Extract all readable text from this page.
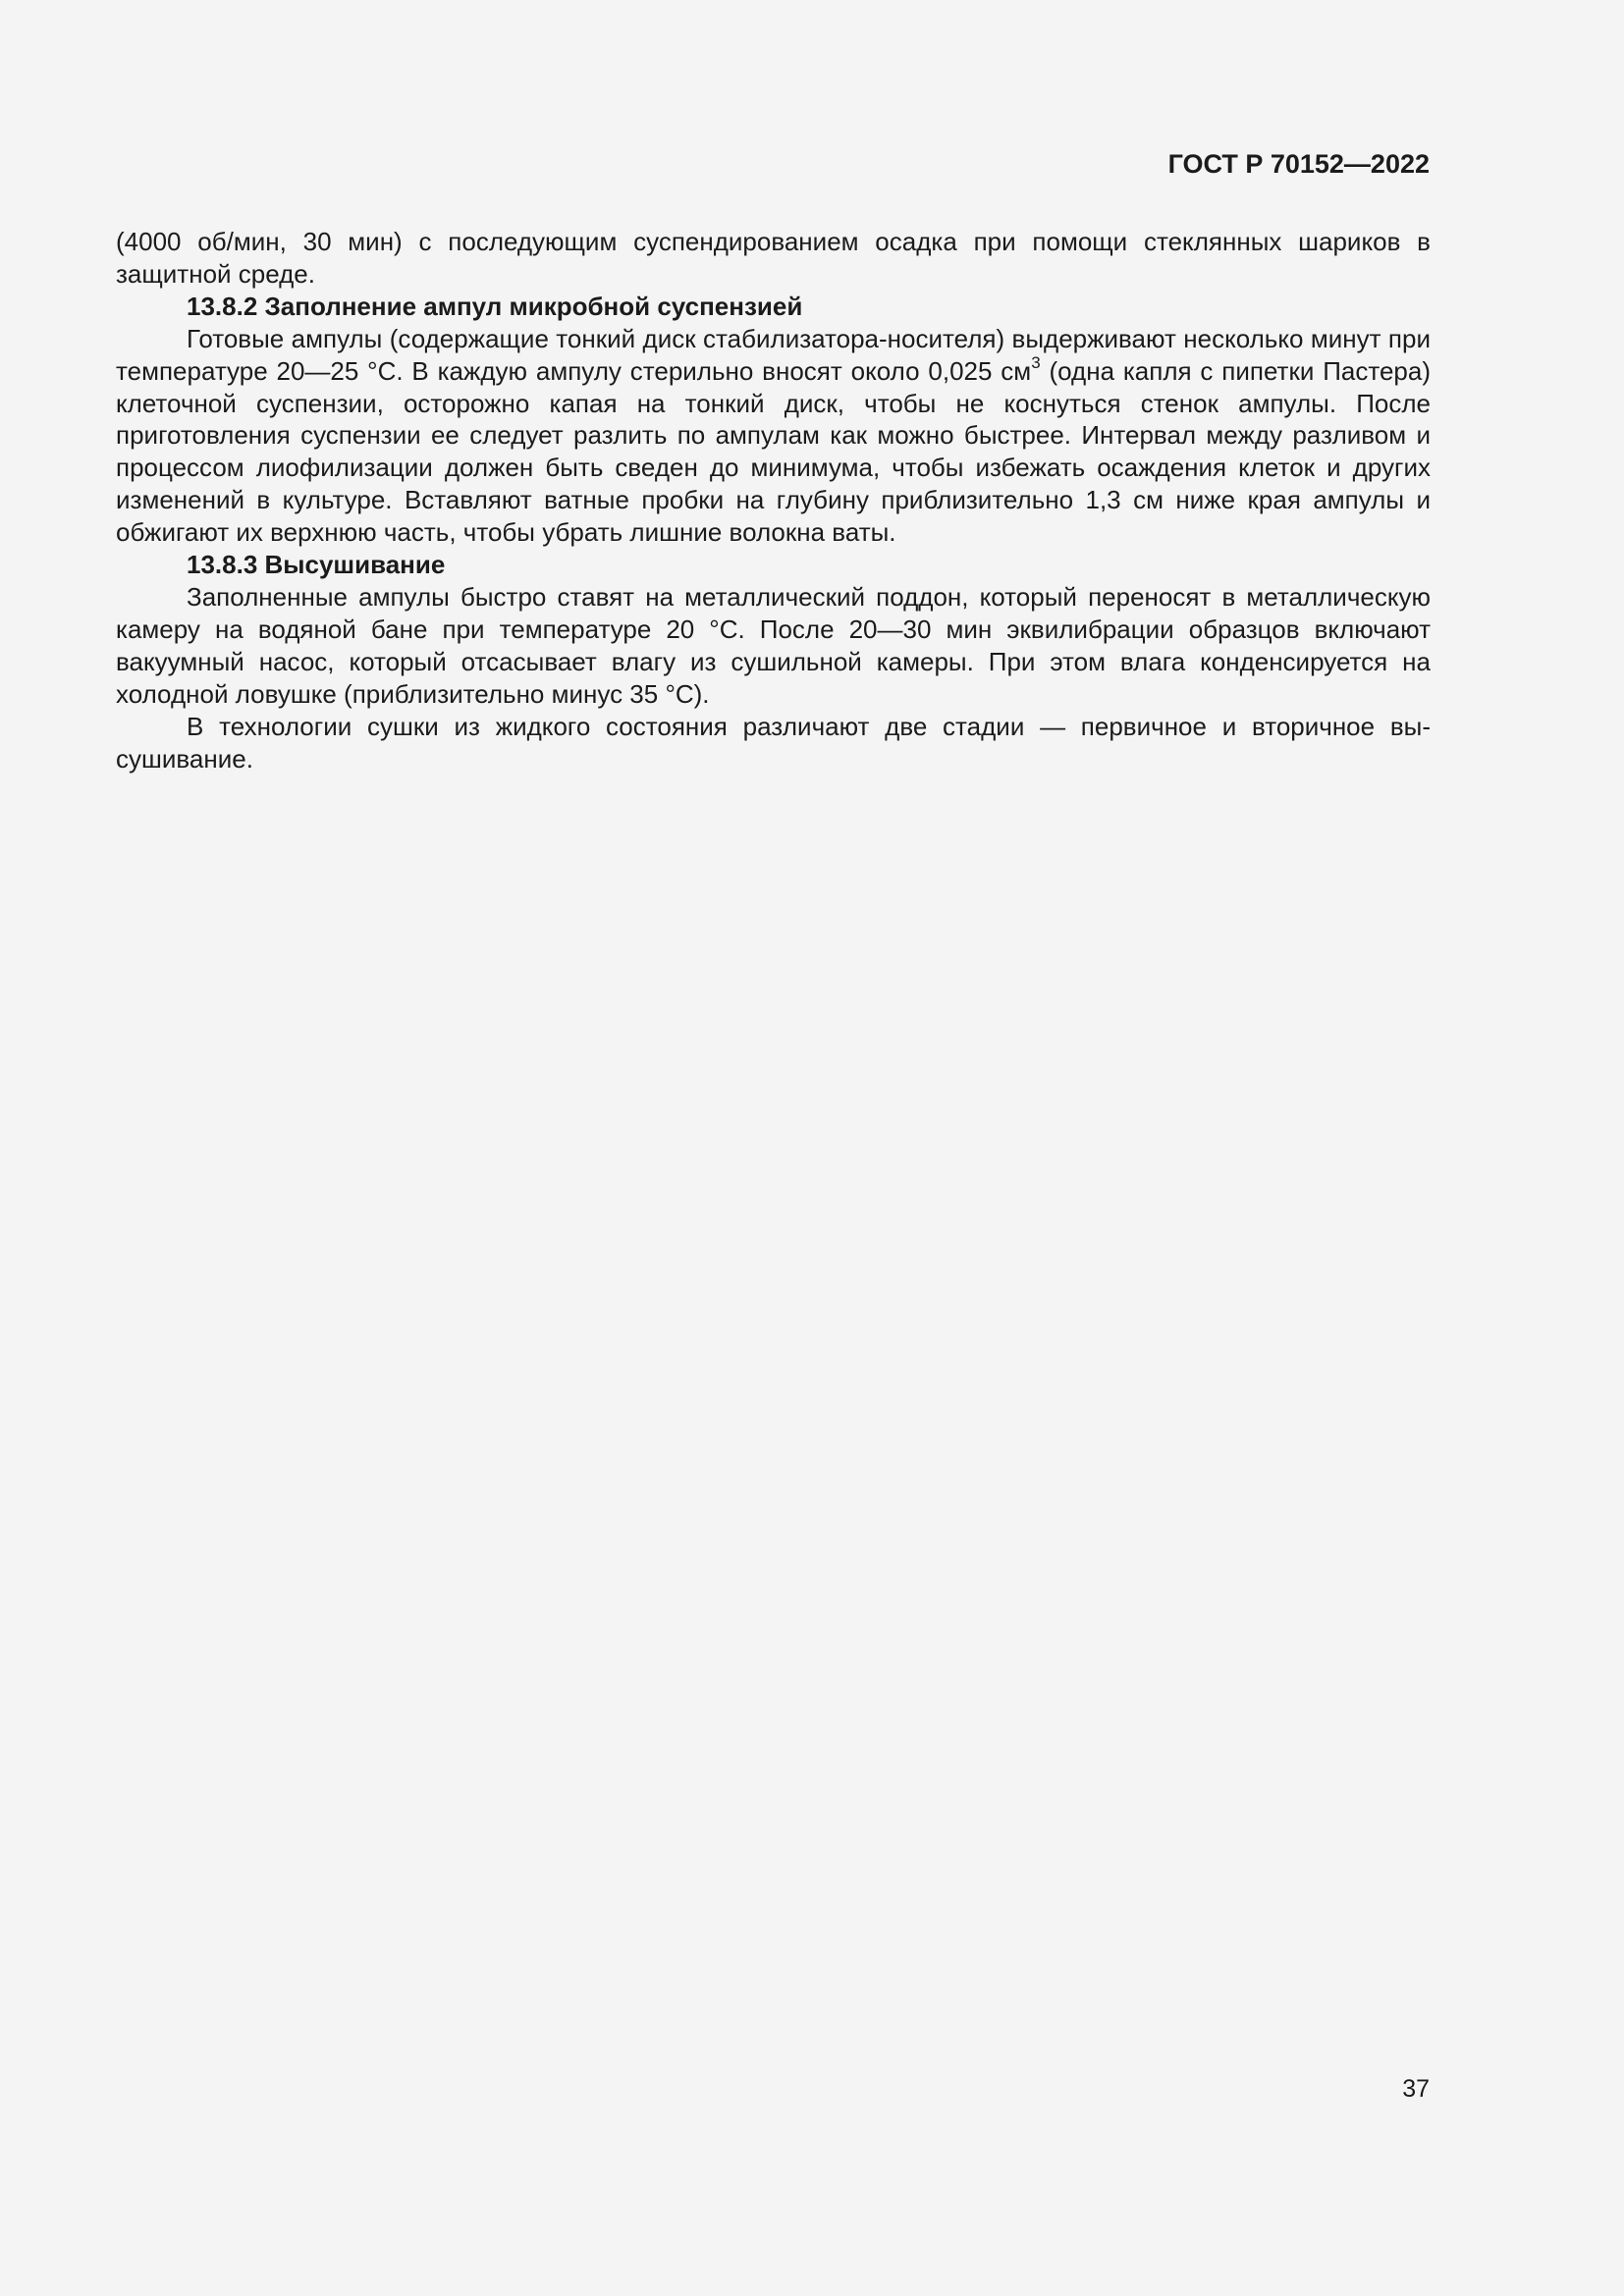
ГОСТ Р 70152—2022

(4000 об/мин, 30 мин) с последующим суспендированием осадка при помощи стеклянных шариков в защитной среде.

13.8.2 Заполнение ампул микробной суспензией

Готовые ампулы (содержащие тонкий диск стабилизатора-носителя) выдерживают несколько минут при температуре 20—25 °С. В каждую ампулу стерильно вносят около 0,025 $см^3$ (одна капля с пипетки Пастера) клеточной суспензии, осторожно капая на тонкий диск, чтобы не коснуться стенок ампулы. После приготовления суспензии ее следует разлить по ампулам как можно быстрее. Интервал между разливом и процессом лиофилизации должен быть сведен до минимума, чтобы избежать осаждения клеток и других изменений в культуре. Вставляют ватные пробки на глубину приблизительно 1,3 см ниже края ампулы и обжигают их верхнюю часть, чтобы убрать лишние волокна ваты.

13.8.3 Высушивание

Заполненные ампулы быстро ставят на металлический поддон, который переносят в металлическую камеру на водяной бане при температуре 20 °С. После 20—30 мин эквилибрации образцов включают вакуумный насос, который отсасывает влагу из сушильной камеры. При этом влага конденсируется на холодной ловушке (приблизительно минус 35 °С).

В технологии сушки из жидкого состояния различают две стадии — первичное и вторичное высушивание.

37
